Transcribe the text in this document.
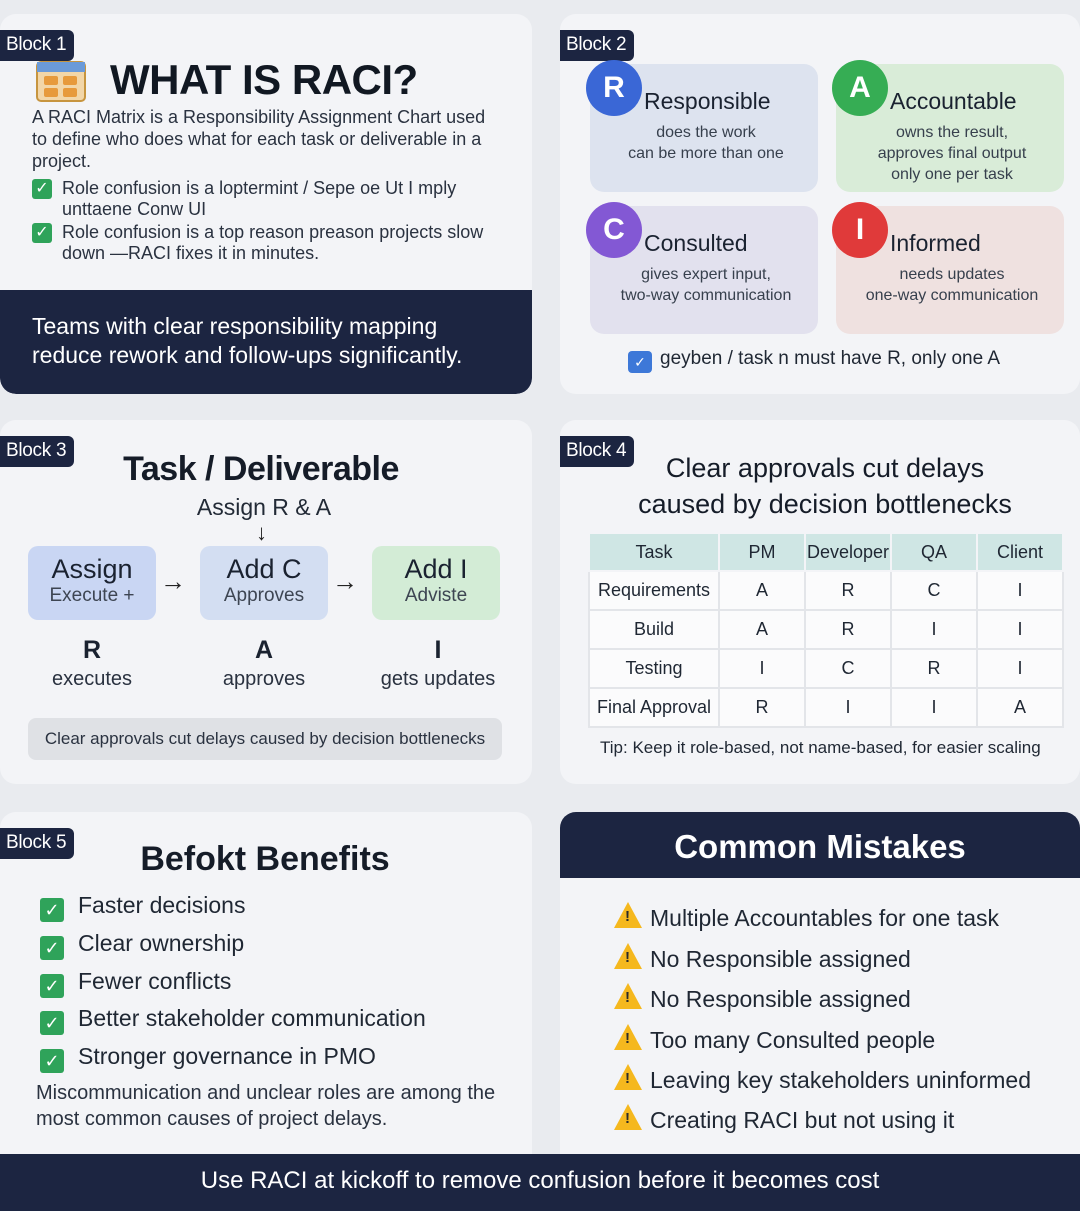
Block 1
WHAT IS RACI?
A RACI Matrix is a Responsibility Assignment Chart used to define who does what for each task or deliverable in a project.
✓ Role confusion is a loptermint / Sepe oe Ut I mply unttaene Conw UI
✓ Role confusion is a top reason preason projects slow down —RACI fixes it in minutes.
Teams with clear responsibility mapping reduce rework and follow-ups significantly.
Block 2
R Responsible
does the work
can be more than one
A Accountable
owns the result,
approves final output
only one per task
C Consulted
gives expert input,
two-way communication
I	Informed
needs updates
one-way communication
✓ geyben / task n must have R, only one A
Block 3	Task / Deliverable
Assign R & A
↓
Assign
Execute + →	Add C
Approves	→	Add I
Adviste
R
executes
A
approves
I
gets updates
Clear approvals cut delays caused by decision bottlenecks
Block 4
Clear approvals cut delays
caused by decision bottlenecks
Task	PM	Developer	QA	Client
Requirements	A	R	C	I
Build	A	R	I	I
Testing	I	C	R	I
Final Approval	R	I	I	A
Tip: Keep it role-based, not name-based, for easier scaling
Block 5	Befokt Benefits
✓ Faster decisions
✓ Clear ownership
✓ Fewer conflicts
✓ Better stakeholder communication
✓ Stronger governance in PMO
Miscommunication and unclear roles are among the most common causes of project delays.
Common Mistakes
! Multiple Accountables for one task
! No Responsible assigned
! No Responsible assigned
! Too many Consulted people
! Leaving key stakeholders uninformed
! Creating RACI but not using it
Use RACI at kickoff to remove confusion before it becomes cost
